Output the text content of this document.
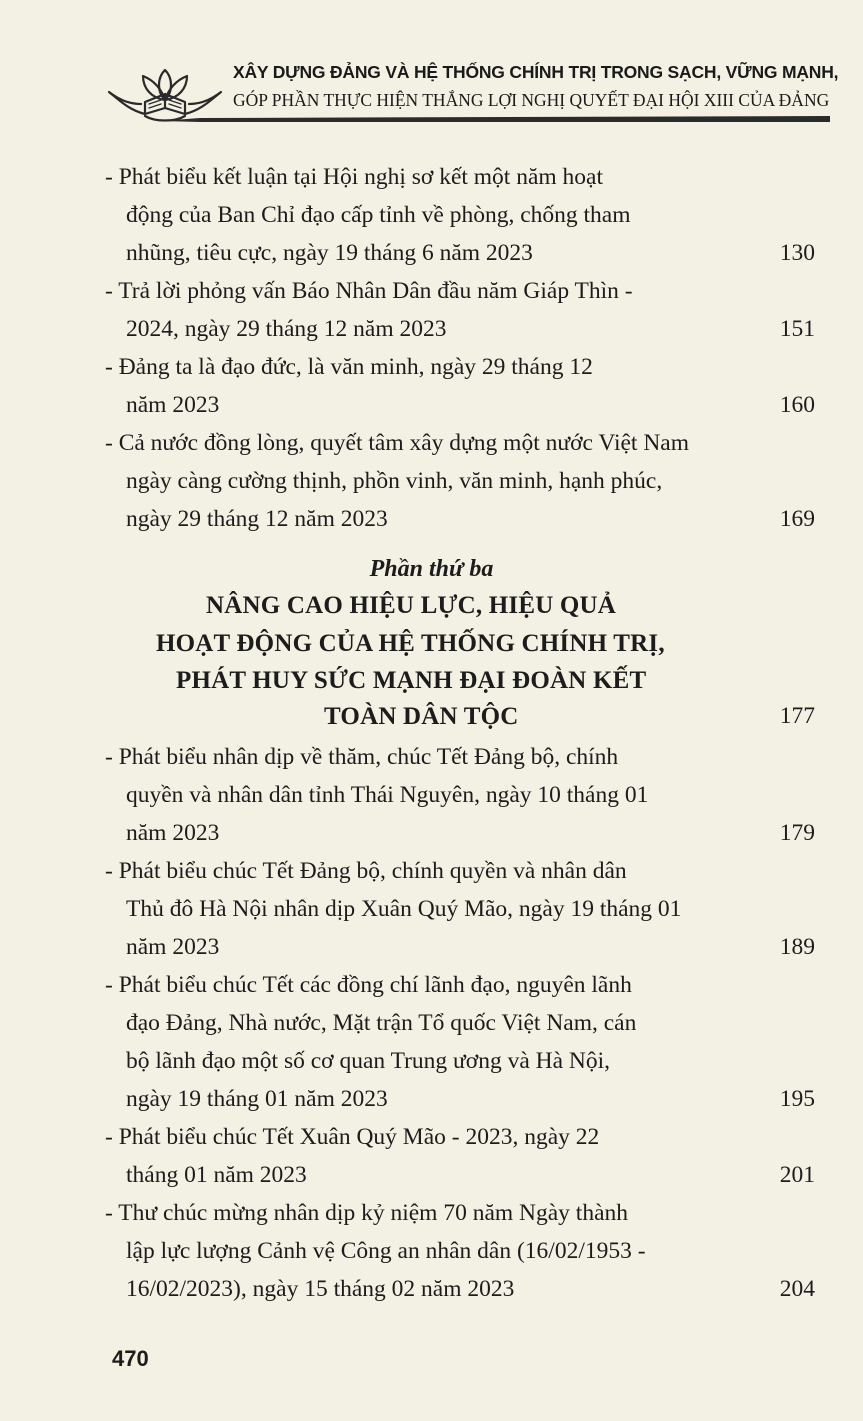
XÂY DỰNG ĐẢNG VÀ HỆ THỐNG CHÍNH TRỊ TRONG SẠCH, VỮNG MẠNH,
GÓP PHẦN THỰC HIỆN THẮNG LỢI NGHỊ QUYẾT ĐẠI HỘI XIII CỦA ĐẢNG
- Phát biểu kết luận tại Hội nghị sơ kết một năm hoạt
động của Ban Chỉ đạo cấp tỉnh về phòng, chống tham
nhũng, tiêu cực, ngày 19 tháng 6 năm 2023	130
- Trả lời phỏng vấn Báo Nhân Dân đầu năm Giáp Thìn -
2024, ngày 29 tháng 12 năm 2023	151
- Đảng ta là đạo đức, là văn minh, ngày 29 tháng 12
năm 2023	160
- Cả nước đồng lòng, quyết tâm xây dựng một nước Việt Nam
ngày càng cường thịnh, phồn vinh, văn minh, hạnh phúc,
ngày 29 tháng 12 năm 2023	169
Phần thứ ba
NÂNG CAO HIỆU LỰC, HIỆU QUẢ
HOẠT ĐỘNG CỦA HỆ THỐNG CHÍNH TRỊ,
PHÁT HUY SỨC MẠNH ĐẠI ĐOÀN KẾT
TOÀN DÂN TỘC	177
- Phát biểu nhân dịp về thăm, chúc Tết Đảng bộ, chính
quyền và nhân dân tỉnh Thái Nguyên, ngày 10 tháng 01
năm 2023	179
- Phát biểu chúc Tết Đảng bộ, chính quyền và nhân dân
Thủ đô Hà Nội nhân dịp Xuân Quý Mão, ngày 19 tháng 01
năm 2023	189
- Phát biểu chúc Tết các đồng chí lãnh đạo, nguyên lãnh
đạo Đảng, Nhà nước, Mặt trận Tổ quốc Việt Nam, cán
bộ lãnh đạo một số cơ quan Trung ương và Hà Nội,
ngày 19 tháng 01 năm 2023	195
- Phát biểu chúc Tết Xuân Quý Mão - 2023, ngày 22
tháng 01 năm 2023	201
- Thư chúc mừng nhân dịp kỷ niệm 70 năm Ngày thành
lập lực lượng Cảnh vệ Công an nhân dân (16/02/1953 -
16/02/2023), ngày 15 tháng 02 năm 2023	204
470
